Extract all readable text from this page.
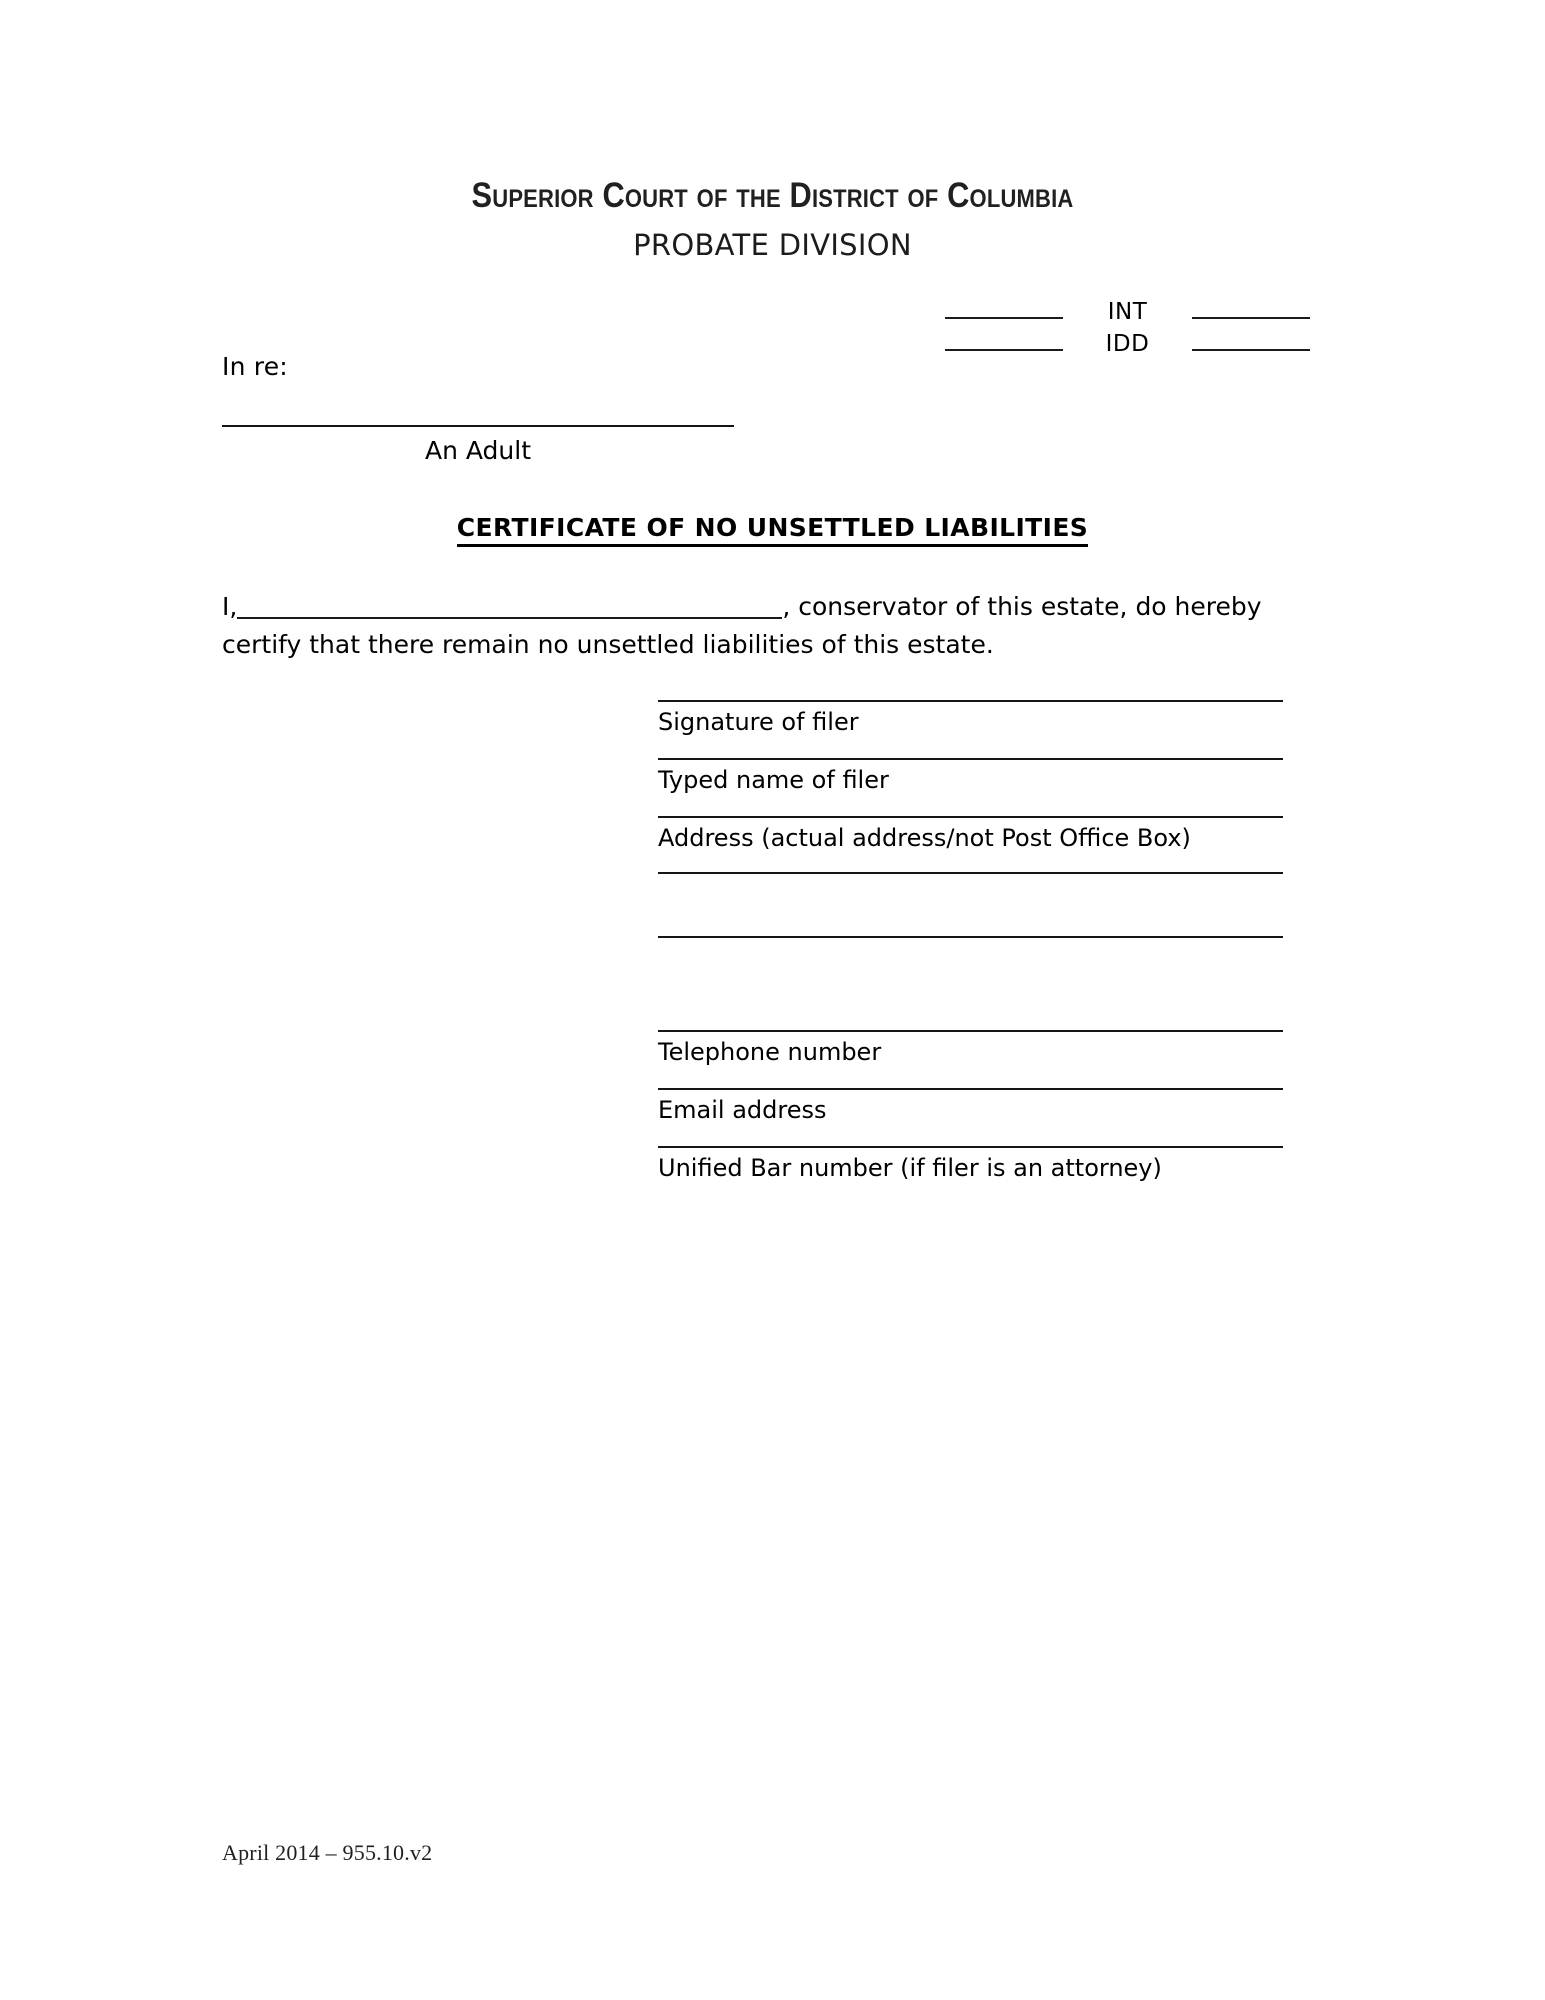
Superior Court of the District of Columbia
PROBATE DIVISION
INT
IDD
In re:
An Adult
CERTIFICATE OF NO UNSETTLED LIABILITIES
I,	, conservator of this estate, do hereby certify that there remain no unsettled liabilities of this estate.
Signature of filer
Typed name of filer
Address (actual address/not Post Office Box)
Telephone number
Email address
Unified Bar number (if filer is an attorney)
April 2014 – 955.10.v2
